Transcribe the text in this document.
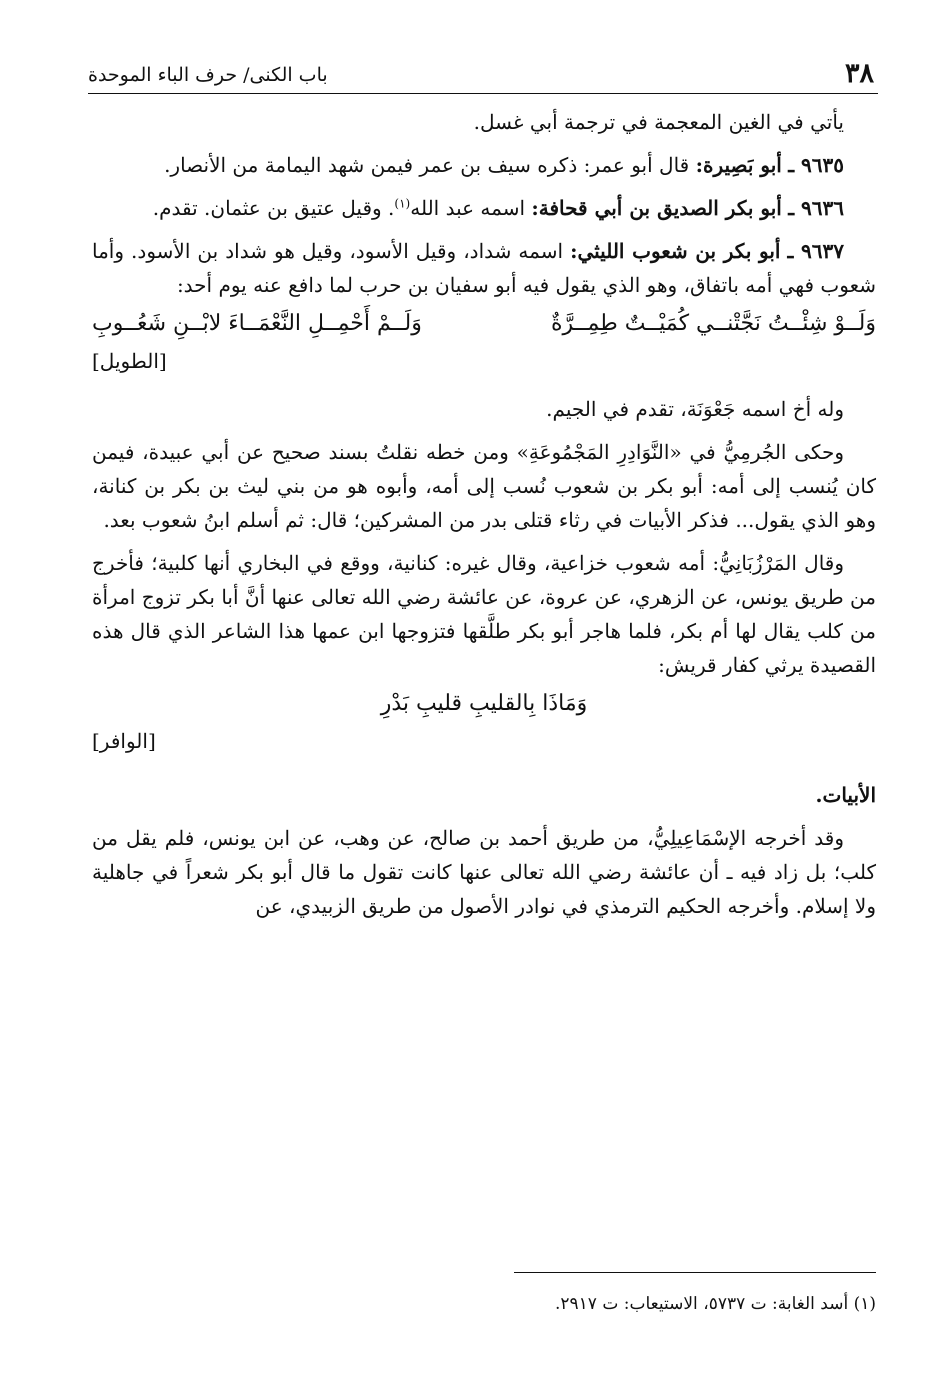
٣٨
باب الكنى/ حرف الباء الموحدة

يأتي في الغين المعجمة في ترجمة أبي غسل.

٩٦٣٥ ـ أبو بَصِيرة: قال أبو عمر: ذكره سيف بن عمر فيمن شهد اليمامة من الأنصار.

٩٦٣٦ ـ أبو بكر الصديق بن أبي قحافة: اسمه عبد الله$^{(١)}$. وقيل عتيق بن عثمان. تقدم.

٩٦٣٧ ـ أبو بكر بن شعوب الليثي: اسمه شداد، وقيل الأسود، وقيل هو شداد بن الأسود. وأما شعوب فهي أمه باتفاق، وهو الذي يقول فيه أبو سفيان بن حرب لما دافع عنه يوم أحد:

وَلَــوْ شِئْــتُ نَجَّتْنــي كُمَيْــتٌ طِمِــرَّةٌ
وَلَــمْ أَحْمِــلِ النَّعْمَــاءَ لابْــنِ شَعُــوبِ
[الطويل]

وله أخ اسمه جَعْوَنَة، تقدم في الجيم.

وحكى الجُرمِيُّ في «النَّوَادِرِ المَجْمُوعَةِ» ومن خطه نقلتُ بسند صحيح عن أبي عبيدة، فيمن كان يُنسب إلى أمه: أبو بكر بن شعوب نُسب إلى أمه، وأبوه هو من بني ليث بن بكر بن كنانة، وهو الذي يقول... فذكر الأبيات في رثاء قتلى بدر من المشركين؛ قال: ثم أسلم ابنُ شعوب بعد.

وقال المَرْزُبَانِيُّ: أمه شعوب خزاعية، وقال غيره: كنانية، ووقع في البخاري أنها كلبية؛ فأخرج من طريق يونس، عن الزهري، عن عروة، عن عائشة رضي الله تعالى عنها أنَّ أبا بكر تزوج امرأة من كلب يقال لها أم بكر، فلما هاجر أبو بكر طلَّقها فتزوجها ابن عمها هذا الشاعر الذي قال هذه القصيدة يرثي كفار قريش:

وَمَاذَا بِالقليبِ قليبِ بَدْرِ
[الوافر]

الأبيات.

وقد أخرجه الإسْمَاعِيلِيُّ، من طريق أحمد بن صالح، عن وهب، عن ابن يونس، فلم يقل من كلب؛ بل زاد فيه ـ أن عائشة رضي الله تعالى عنها كانت تقول ما قال أبو بكر شعراً في جاهلية ولا إسلام. وأخرجه الحكيم الترمذي في نوادر الأصول من طريق الزبيدي، عن

(١) أسد الغابة: ت ٥٧٣٧، الاستيعاب: ت ٢٩١٧.
